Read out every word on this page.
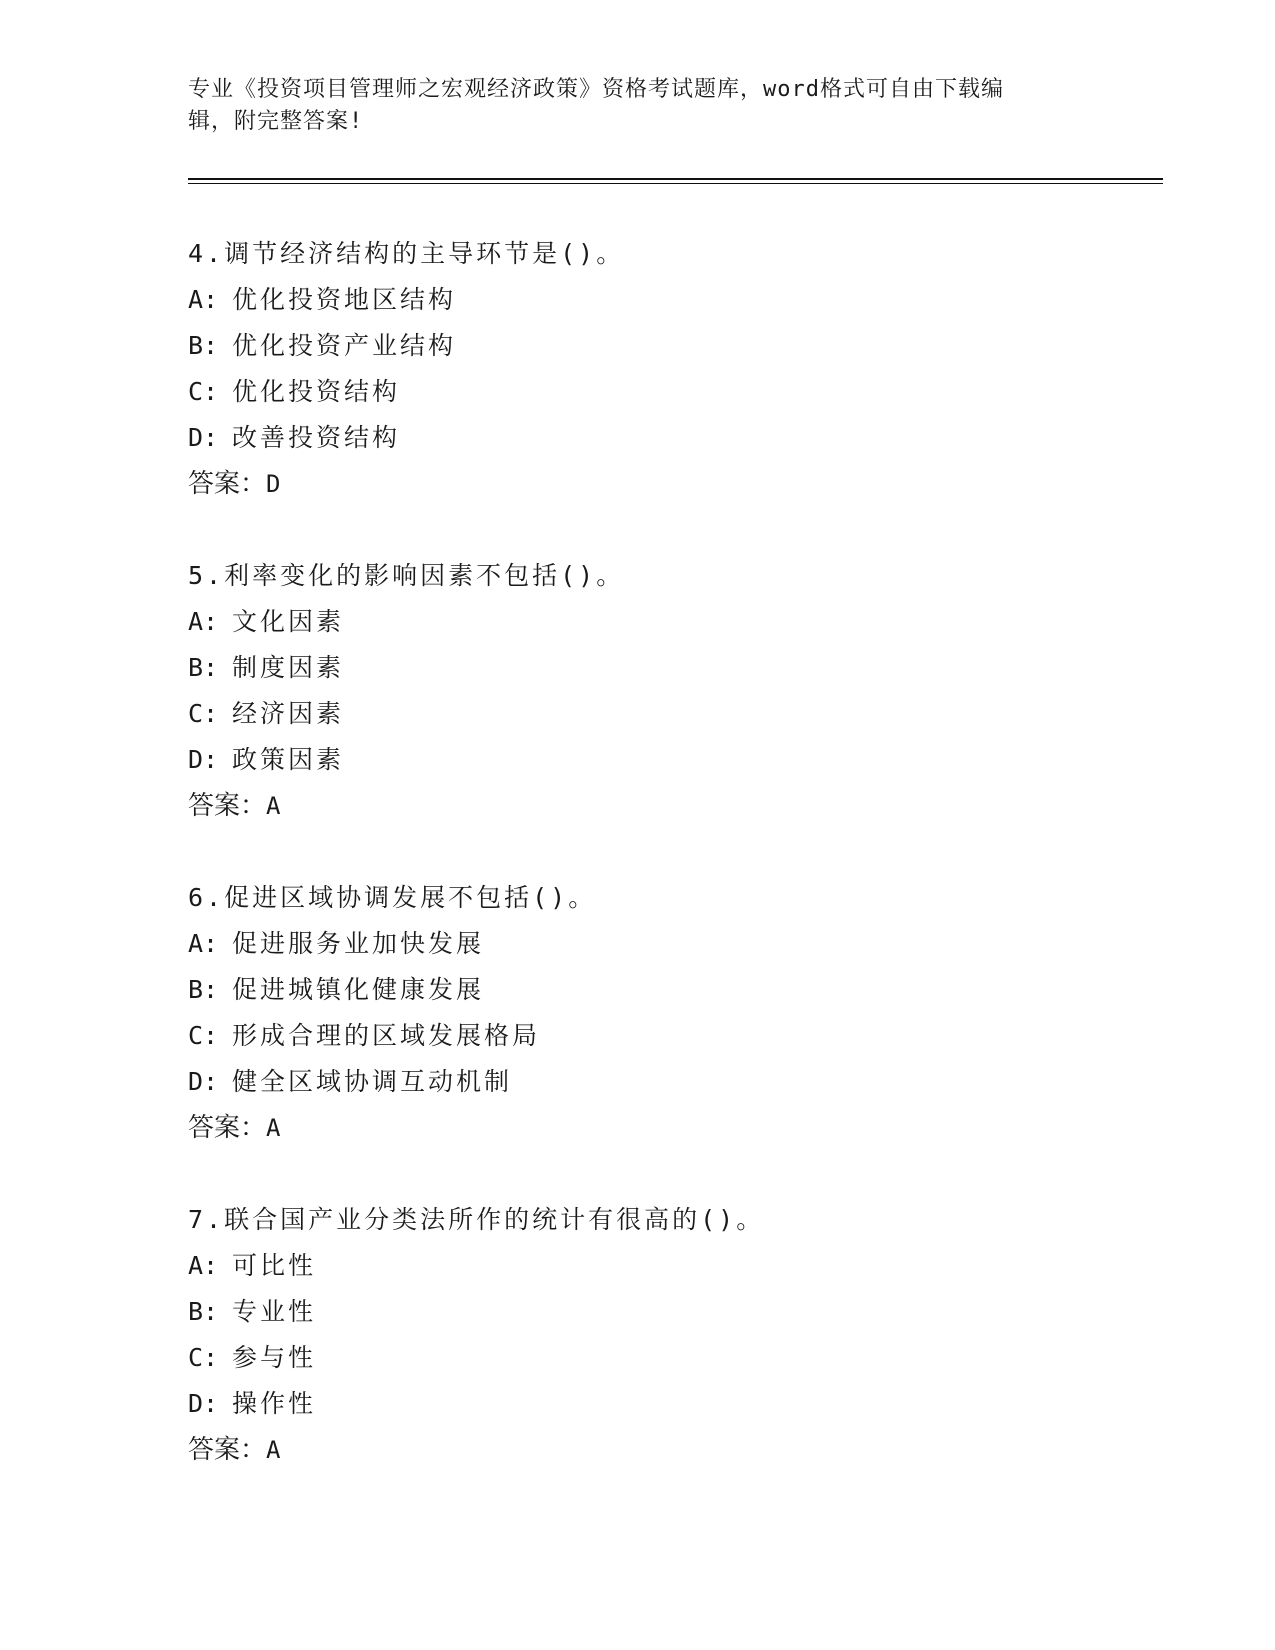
专业《投资项目管理师之宏观经济政策》资格考试题库，word格式可自由下载编
辑，附完整答案!
4.调节经济结构的主导环节是()。
A: 优化投资地区结构
B: 优化投资产业结构
C: 优化投资结构
D: 改善投资结构
答案：D
5.利率变化的影响因素不包括()。
A: 文化因素
B: 制度因素
C: 经济因素
D: 政策因素
答案：A
6.促进区域协调发展不包括()。
A: 促进服务业加快发展
B: 促进城镇化健康发展
C: 形成合理的区域发展格局
D: 健全区域协调互动机制
答案：A
7.联合国产业分类法所作的统计有很高的()。
A: 可比性
B: 专业性
C: 参与性
D: 操作性
答案：A
